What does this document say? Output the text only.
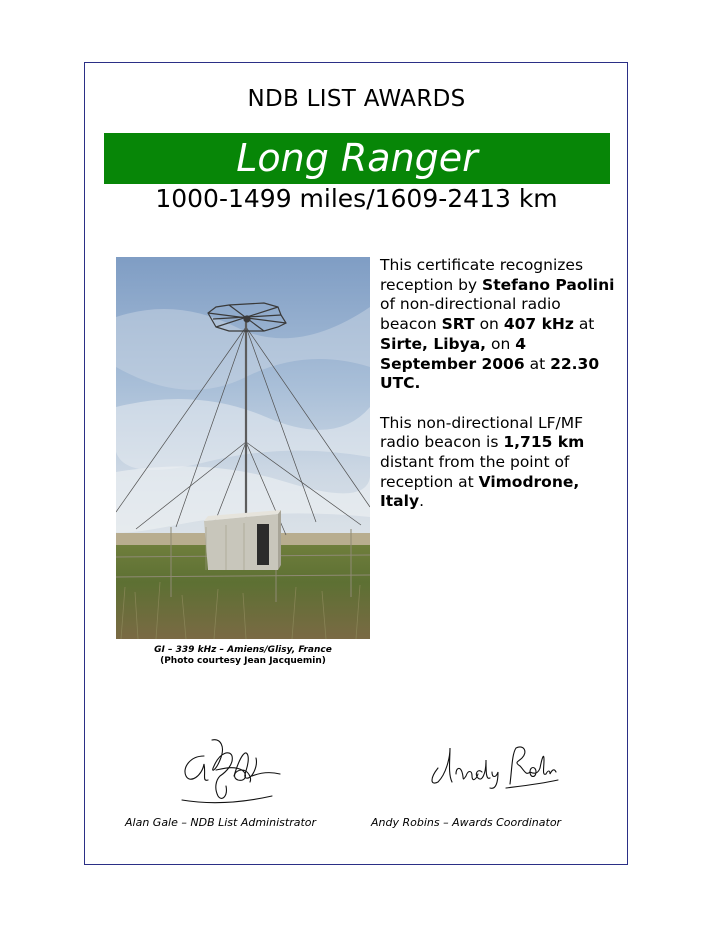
NDB LIST AWARDS
Long Ranger
1000-1499 miles/1609-2413 km
GI – 339 kHz – Amiens/Glisy, France
(Photo courtesy Jean Jacquemin)

This certificate recognizes reception by Stefano Paolini of non-directional radio beacon SRT on 407 kHz at Sirte, Libya, on 4 September 2006 at 22.30 UTC.

This non-directional LF/MF radio beacon is 1,715 km distant from the point of reception at Vimodrone, Italy.

Alan Gale – NDB List Administrator	Andy Robins – Awards Coordinator
